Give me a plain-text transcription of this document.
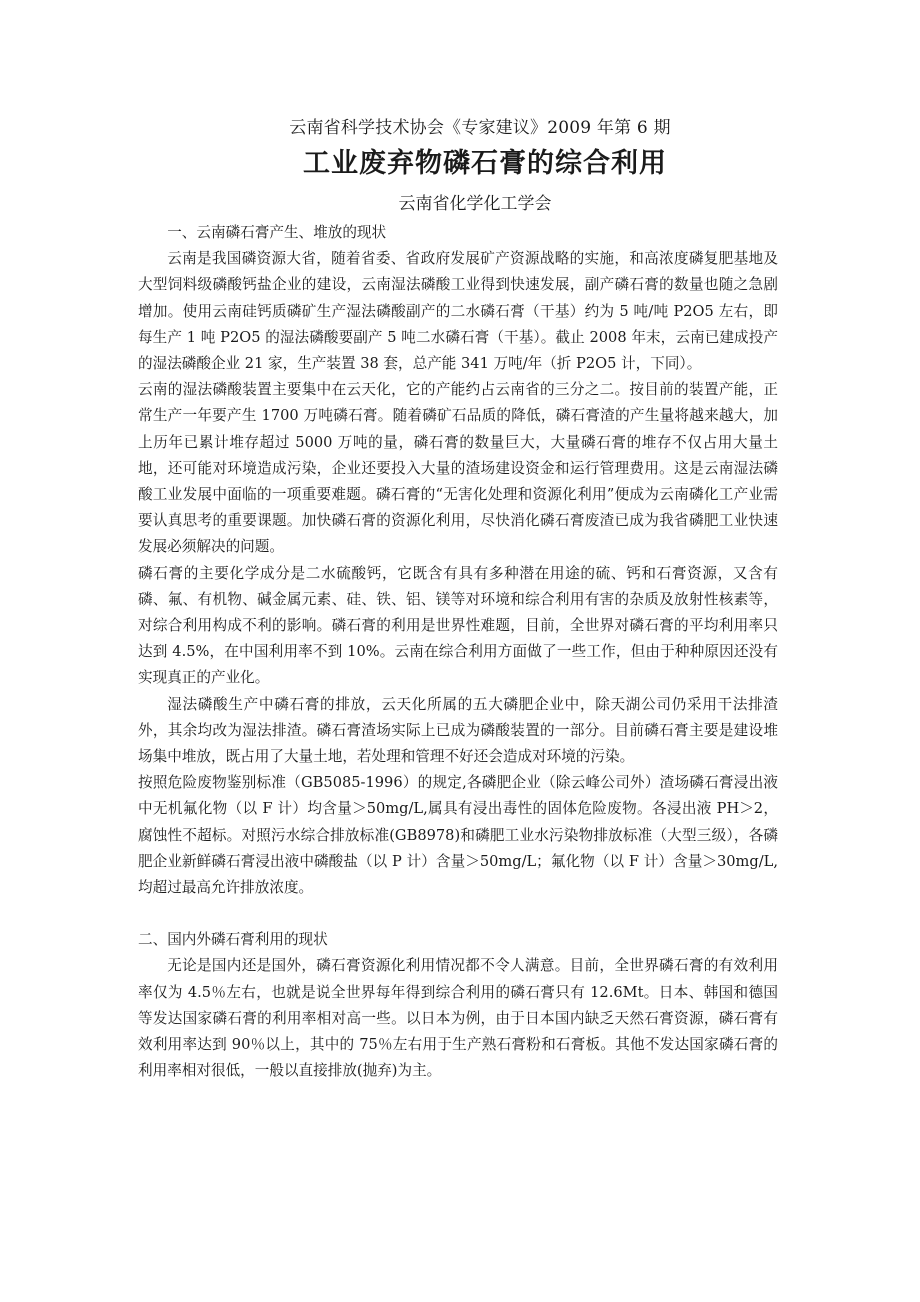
云南省科学技术协会《专家建议》2009 年第 6 期
工业废弃物磷石膏的综合利用
云南省化学化工学会

一、云南磷石膏产生、堆放的现状

云南是我国磷资源大省，随着省委、省政府发展矿产资源战略的实施，和高浓度磷复肥基地及大型饲料级磷酸钙盐企业的建设，云南湿法磷酸工业得到快速发展，副产磷石膏的数量也随之急剧增加。使用云南硅钙质磷矿生产湿法磷酸副产的二水磷石膏（干基）约为 5 吨/吨 P2O5 左右，即每生产 1 吨 P2O5 的湿法磷酸要副产 5 吨二水磷石膏（干基）。截止 2008 年末，云南已建成投产的湿法磷酸企业 21 家，生产装置 38 套，总产能 341 万吨/年（折 P2O5 计，下同）。

云南的湿法磷酸装置主要集中在云天化，它的产能约占云南省的三分之二。按目前的装置产能，正常生产一年要产生 1700 万吨磷石膏。随着磷矿石品质的降低，磷石膏渣的产生量将越来越大，加上历年已累计堆存超过 5000 万吨的量，磷石膏的数量巨大，大量磷石膏的堆存不仅占用大量土地，还可能对环境造成污染，企业还要投入大量的渣场建设资金和运行管理费用。这是云南湿法磷酸工业发展中面临的一项重要难题。磷石膏的“无害化处理和资源化利用”便成为云南磷化工产业需要认真思考的重要课题。加快磷石膏的资源化利用，尽快消化磷石膏废渣已成为我省磷肥工业快速发展必须解决的问题。

磷石膏的主要化学成分是二水硫酸钙，它既含有具有多种潜在用途的硫、钙和石膏资源，又含有磷、氟、有机物、碱金属元素、硅、铁、铝、镁等对环境和综合利用有害的杂质及放射性核素等，对综合利用构成不利的影响。磷石膏的利用是世界性难题，目前，全世界对磷石膏的平均利用率只达到 4.5%，在中国利用率不到 10%。云南在综合利用方面做了一些工作，但由于种种原因还没有实现真正的产业化。

湿法磷酸生产中磷石膏的排放，云天化所属的五大磷肥企业中，除天湖公司仍采用干法排渣外，其余均改为湿法排渣。磷石膏渣场实际上已成为磷酸装置的一部分。目前磷石膏主要是建设堆场集中堆放，既占用了大量土地，若处理和管理不好还会造成对环境的污染。

按照危险废物鉴别标准（GB5085-1996）的规定,各磷肥企业（除云峰公司外）渣场磷石膏浸出液中无机氟化物（以 F 计）均含量＞50mg/L,属具有浸出毒性的固体危险废物。各浸出液 PH＞2，腐蚀性不超标。对照污水综合排放标准(GB8978)和磷肥工业水污染物排放标准（大型三级），各磷肥企业新鲜磷石膏浸出液中磷酸盐（以 P 计）含量＞50mg/L；氟化物（以 F 计）含量＞30mg/L,均超过最高允许排放浓度。

二、国内外磷石膏利用的现状

无论是国内还是国外，磷石膏资源化利用情况都不令人满意。目前，全世界磷石膏的有效利用率仅为 4.5％左右，也就是说全世界每年得到综合利用的磷石膏只有 12.6Mt。日本、韩国和德国等发达国家磷石膏的利用率相对高一些。以日本为例，由于日本国内缺乏天然石膏资源，磷石膏有效利用率达到 90％以上，其中的 75％左右用于生产熟石膏粉和石膏板。其他不发达国家磷石膏的利用率相对很低，一般以直接排放(抛弃)为主。
